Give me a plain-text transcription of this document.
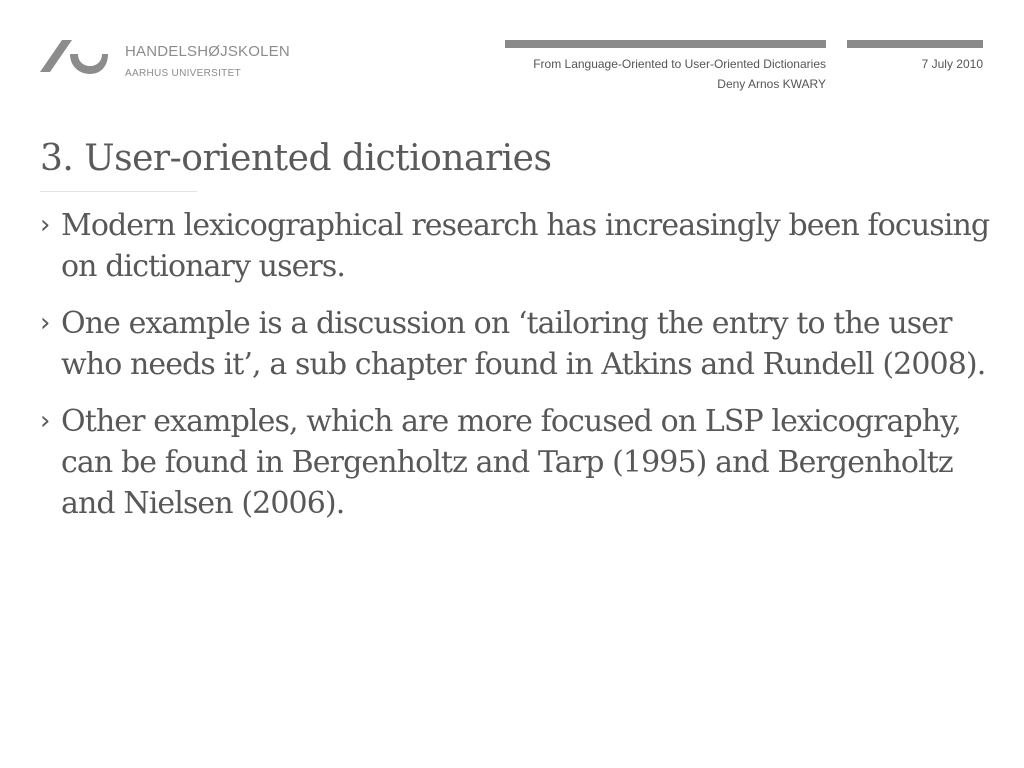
HANDELSHØJSKOLEN
AARHUS UNIVERSITET
From Language-Oriented to User-Oriented Dictionaries
Deny Arnos KWARY
7 July 2010
3. User-oriented dictionaries
› Modern lexicographical research has increasingly been focusing on dictionary users.
› One example is a discussion on ‘tailoring the entry to the user who needs it’, a sub chapter found in Atkins and Rundell (2008).
› Other examples, which are more focused on LSP lexicography, can be found in Bergenholtz and Tarp (1995) and Bergenholtz and Nielsen (2006).
